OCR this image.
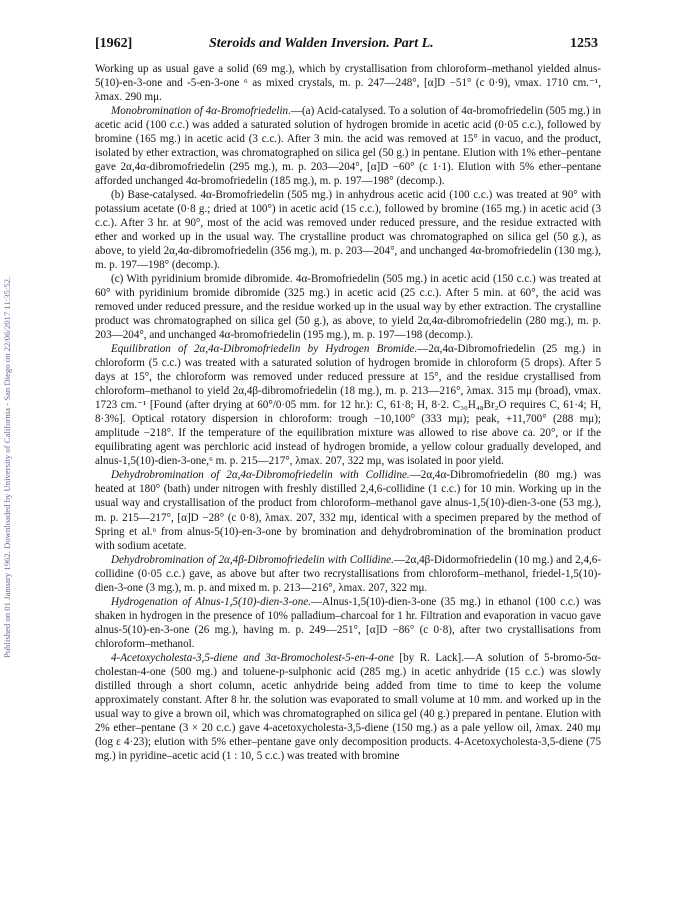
Published on 01 January 1962. Downloaded by University of California - San Diego on 22/06/2017 11:35:52.
[1962]	Steroids and Walden Inversion. Part L.	1253

Working up as usual gave a solid (69 mg.), which by crystallisation from chloroform–methanol yielded alnus-5(10)-en-3-one and -5-en-3-one ⁶ as mixed crystals, m. p. 247—248°, [α]D −51° (c 0·9), νmax. 1710 cm.⁻¹, λmax. 290 mμ.

Monobromination of 4α-Bromofriedelin.—(a) Acid-catalysed. To a solution of 4α-bromofriedelin (505 mg.) in acetic acid (100 c.c.) was added a saturated solution of hydrogen bromide in acetic acid (0·05 c.c.), followed by bromine (165 mg.) in acetic acid (3 c.c.). After 3 min. the acid was removed at 15° in vacuo, and the product, isolated by ether extraction, was chromatographed on silica gel (50 g.) in pentane. Elution with 1% ether–pentane gave 2α,4α-dibromofriedelin (295 mg.), m. p. 203—204°, [α]D −60° (c 1·1). Elution with 5% ether–pentane afforded unchanged 4α-bromofriedelin (185 mg.), m. p. 197—198° (decomp.).

(b) Base-catalysed. 4α-Bromofriedelin (505 mg.) in anhydrous acetic acid (100 c.c.) was treated at 90° with potassium acetate (0·8 g.; dried at 100°) in acetic acid (15 c.c.), followed by bromine (165 mg.) in acetic acid (3 c.c.). After 3 hr. at 90°, most of the acid was removed under reduced pressure, and the residue extracted with ether and worked up in the usual way. The crystalline product was chromatographed on silica gel (50 g.), as above, to yield 2α,4α-dibromofriedelin (356 mg.), m. p. 203—204°, and unchanged 4α-bromofriedelin (130 mg.), m. p. 197—198° (decomp.).

(c) With pyridinium bromide dibromide. 4α-Bromofriedelin (505 mg.) in acetic acid (150 c.c.) was treated at 60° with pyridinium bromide dibromide (325 mg.) in acetic acid (25 c.c.). After 5 min. at 60°, the acid was removed under reduced pressure, and the residue worked up in the usual way by ether extraction. The crystalline product was chromatographed on silica gel (50 g.), as above, to yield 2α,4α-dibromofriedelin (280 mg.), m. p. 203—204°, and unchanged 4α-bromofriedelin (195 mg.), m. p. 197—198 (decomp.).

Equilibration of 2α,4α-Dibromofriedelin by Hydrogen Bromide.—2α,4α-Dibromofriedelin (25 mg.) in chloroform (5 c.c.) was treated with a saturated solution of hydrogen bromide in chloroform (5 drops). After 5 days at 15°, the chloroform was removed under reduced pressure at 15°, and the residue crystallised from chloroform–methanol to yield 2α,4β-dibromofriedelin (18 mg.), m. p. 213—216°, λmax. 315 mμ (broad), νmax. 1723 cm.⁻¹ [Found (after drying at 60°/0·05 mm. for 12 hr.): C, 61·8; H, 8·2. C₃₀H₄₈Br₂O requires C, 61·4; H, 8·3%]. Optical rotatory dispersion in chloroform: trough −10,100° (333 mμ); peak, +11,700° (288 mμ); amplitude −218°. If the temperature of the equilibration mixture was allowed to rise above ca. 20°, or if the equilibrating agent was perchloric acid instead of hydrogen bromide, a yellow colour gradually developed, and alnus-1,5(10)-dien-3-one,⁶ m. p. 215—217°, λmax. 207, 322 mμ, was isolated in poor yield.

Dehydrobromination of 2α,4α-Dibromofriedelin with Collidine.—2α,4α-Dibromofriedelin (80 mg.) was heated at 180° (bath) under nitrogen with freshly distilled 2,4,6-collidine (1 c.c.) for 10 min. Working up in the usual way and crystallisation of the product from chloroform–methanol gave alnus-1,5(10)-dien-3-one (53 mg.), m. p. 215—217°, [α]D −28° (c 0·8), λmax. 207, 332 mμ, identical with a specimen prepared by the method of Spring et al.⁶ from alnus-5(10)-en-3-one by bromination and dehydrobromination of the bromination product with sodium acetate.

Dehydrobromination of 2α,4β-Dibromofriedelin with Collidine.—2α,4β-Didormofriedelin (10 mg.) and 2,4,6-collidine (0·05 c.c.) gave, as above but after two recrystallisations from chloroform–methanol, friedel-1,5(10)-dien-3-one (3 mg.), m. p. and mixed m. p. 213—216°, λmax. 207, 322 mμ.

Hydrogenation of Alnus-1,5(10)-dien-3-one.—Alnus-1,5(10)-dien-3-one (35 mg.) in ethanol (100 c.c.) was shaken in hydrogen in the presence of 10% palladium–charcoal for 1 hr. Filtration and evaporation in vacuo gave alnus-5(10)-en-3-one (26 mg.), having m. p. 249—251°, [α]D −86° (c 0·8), after two crystallisations from chloroform–methanol.

4-Acetoxycholesta-3,5-diene and 3α-Bromocholest-5-en-4-one [by R. Lack].—A solution of 5-bromo-5α-cholestan-4-one (500 mg.) and toluene-p-sulphonic acid (285 mg.) in acetic anhydride (15 c.c.) was slowly distilled through a short column, acetic anhydride being added from time to time to keep the volume approximately constant. After 8 hr. the solution was evaporated to small volume at 10 mm. and worked up in the usual way to give a brown oil, which was chromatographed on silica gel (40 g.) prepared in pentane. Elution with 2% ether–pentane (3 × 20 c.c.) gave 4-acetoxycholesta-3,5-diene (150 mg.) as a pale yellow oil, λmax. 240 mμ (log ε 4·23); elution with 5% ether–pentane gave only decomposition products. 4-Acetoxycholesta-3,5-diene (75 mg.) in pyridine–acetic acid (1 : 10, 5 c.c.) was treated with bromine
